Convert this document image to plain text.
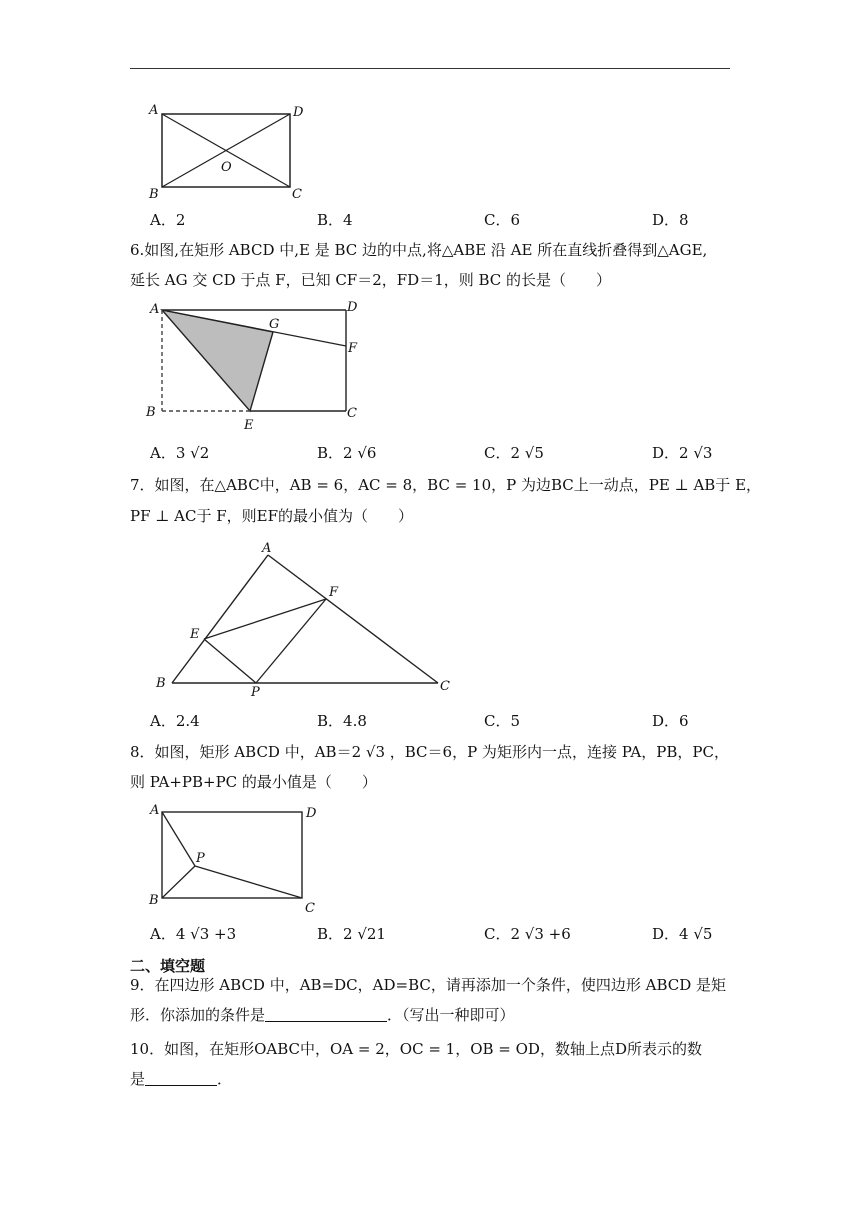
A	D
B	C
O
A．2	B．4	C．6	D．8
6.如图,在矩形 ABCD 中,E 是 BC 边的中点,将△ABE 沿 AE 所在直线折叠得到△AGE,
延长 AG 交 CD 于点 F，已知 CF＝2，FD＝1，则 BC 的长是（　　）
A	D
G
F
B
E
C
A．3 √2	B．2 √6	C．2 √5	D．2 √3
7．如图，在△ABC中，AB = 6，AC = 8，BC = 10，P 为边BC上一动点，PE ⊥ AB于 E，
PF ⊥ AC于 F，则EF的最小值为（　　）
A
F
E
B
P	C
A．2.4	B．4.8	C．5	D．6
8．如图，矩形 ABCD 中，AB＝2 √3 ，BC＝6，P 为矩形内一点，连接 PA，PB，PC，
则 PA+PB+PC 的最小值是（　　）
A	D
P
B
C
A．4 √3 +3	B．2 √21	C．2 √3 +6	D．4 √5
二、填空题
9．在四边形 ABCD 中，AB=DC，AD=BC，请再添加一个条件，使四边形 ABCD 是矩
形．你添加的条件是	．（写出一种即可）
10．如图，在矩形OABC中，OA = 2，OC = 1，OB = OD，数轴上点D所表示的数
是	．
